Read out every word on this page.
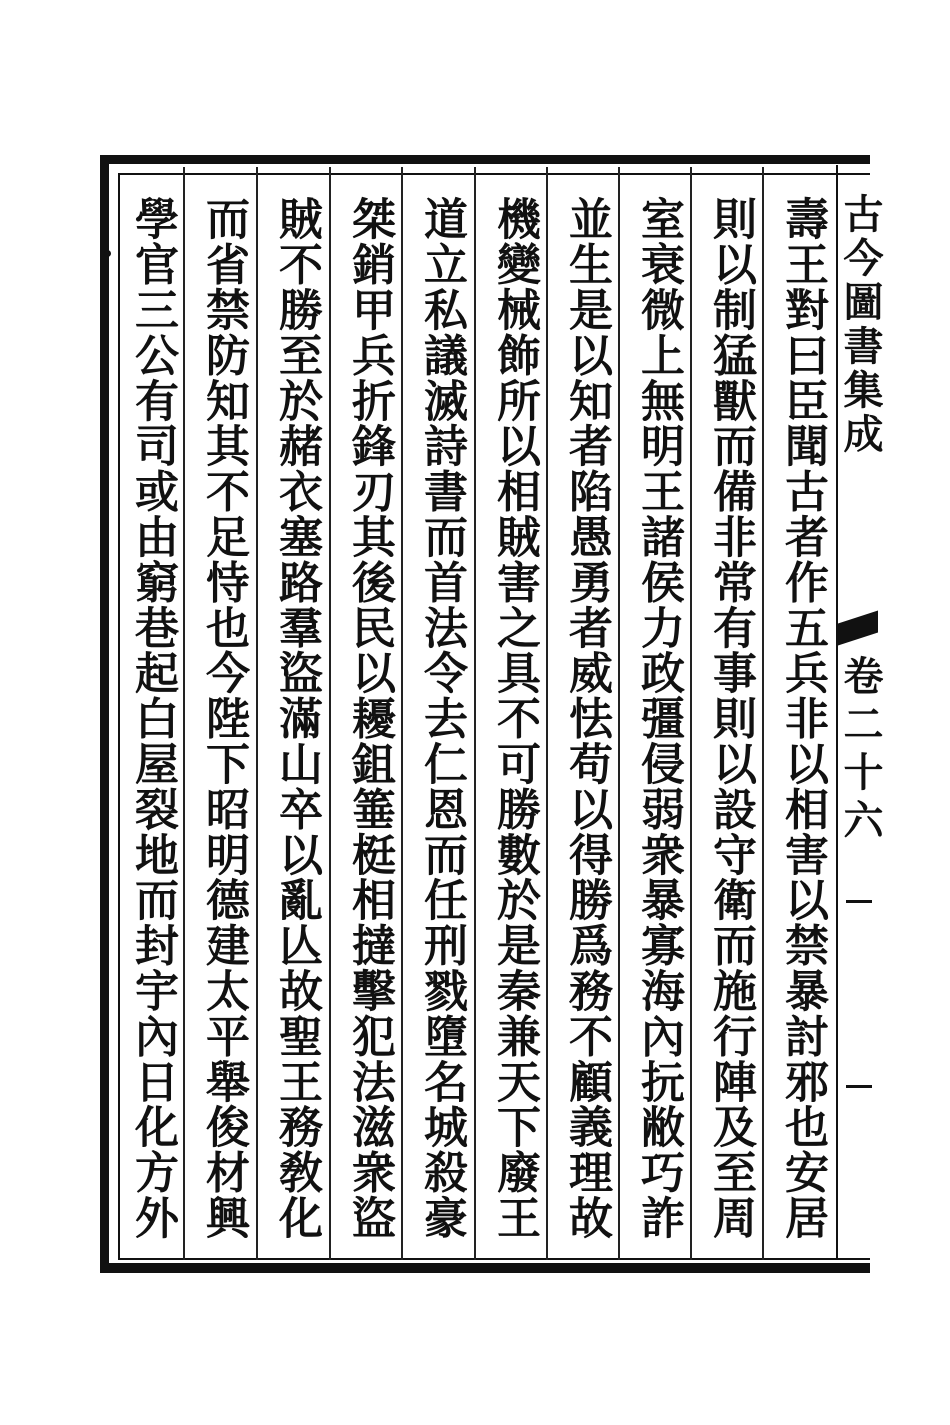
古今圖書集成
卷二十六
壽王對曰臣聞古者作五兵非以相害以禁暴討邪也安居
則以制猛獸而備非常有事則以設守衛而施行陣及至周
室衰微上無明王諸侯力政彊侵弱衆暴寡海內抏敝巧詐
並生是以知者陷愚勇者威怯苟以得勝爲務不顧義理故
機變械飾所以相賊害之具不可勝數於是秦兼天下廢王
道立私議滅詩書而首法令去仁恩而任刑戮墮名城殺豪
桀銷甲兵折鋒刃其後民以耰鉏箠梃相撻擊犯法滋衆盜
賊不勝至於赭衣塞路羣盜滿山卒以亂亾故聖王務敎化
而省禁防知其不足恃也今陛下昭明德建太平舉俊材興
學官三公有司或由窮巷起白屋裂地而封宇內日化方外
